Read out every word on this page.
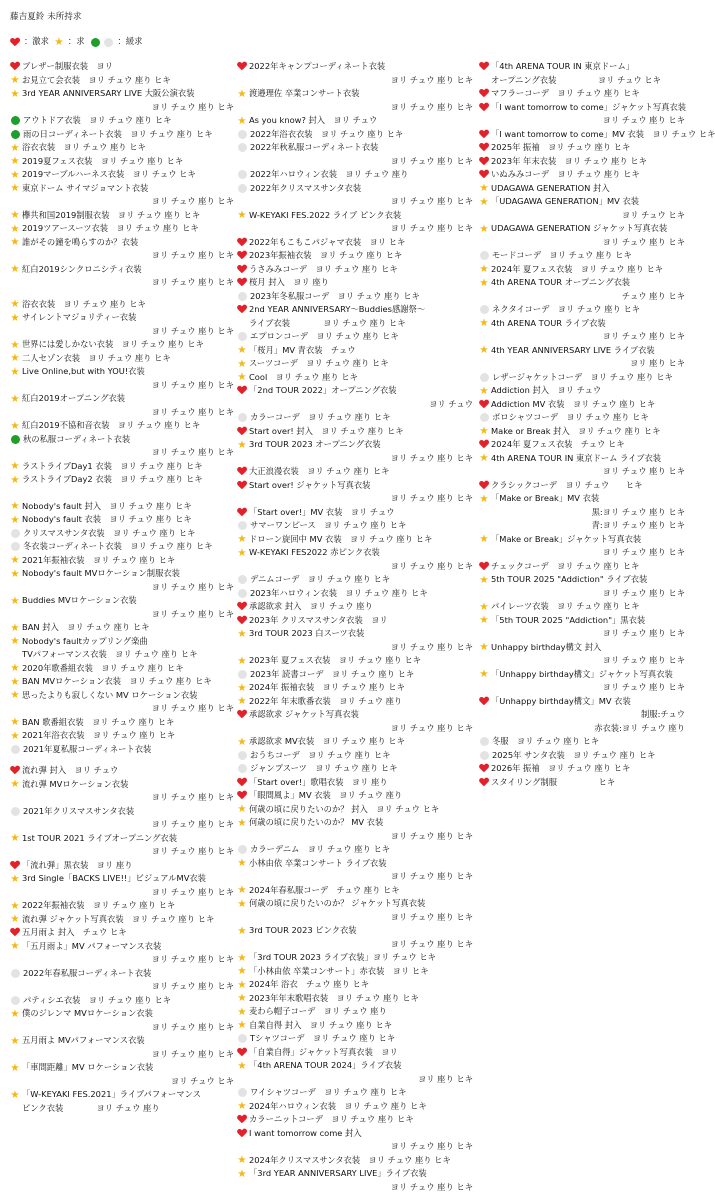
藤吉夏鈴 未所持求
：激求 ★ ：求	：緩求
ブレザー制服衣装　ヨリ
★ お見立て会衣装　ヨリ チュウ 座り ヒキ
★ 3rd YEAR ANNIVERSARY LIVE 大阪公演衣装
ヨリ チュウ 座り ヒキ
アウトドア衣装　ヨリ チュウ 座り ヒキ
雨の日コーディネート衣装　ヨリ チュウ 座り ヒキ
★ 浴衣衣装　ヨリ チュウ 座り ヒキ
★ 2019夏フェス衣装　ヨリ チュウ 座り ヒキ
★ 2019マーブルハーネス衣装　ヨリ チュウ ヒキ
★ 東京ドーム サイマジョマント衣装
ヨリ チュウ 座り ヒキ
★ 欅共和国2019制服衣装　ヨリ チュウ 座り ヒキ
★ 2019ツアースーツ衣装　ヨリ チュウ 座り ヒキ
★ 誰がその鐘を鳴らすのか？衣装
ヨリ チュウ 座り ヒキ
★ 紅白2019シンクロニシティ衣装
ヨリ チュウ 座り ヒキ
★ 浴衣衣装　ヨリ チュウ 座り ヒキ
★ サイレントマジョリティー衣装
ヨリ チュウ 座り ヒキ
★ 世界には愛しかない衣装　ヨリ チュウ 座り ヒキ
★ 二人セゾン衣装　ヨリ チュウ 座り ヒキ
★ Live Online,but with YOU!衣装
ヨリ チュウ 座り ヒキ
★ 紅白2019オープニング衣装
ヨリ チュウ 座り ヒキ
★ 紅白2019不協和音衣装　ヨリ チュウ 座り ヒキ
秋の私服コーディネート衣装
ヨリ チュウ 座り ヒキ
★ ラストライブDay1 衣装　ヨリ チュウ 座り ヒキ
★ ラストライブDay2 衣装　ヨリ チュウ 座り ヒキ
★ Nobody's fault 封入　ヨリ チュウ 座り ヒキ
★ Nobody's fault 衣装　ヨリ チュウ 座り ヒキ
クリスマスサンタ衣装　ヨリ チュウ 座り ヒキ
冬衣装コーディネート衣装　ヨリ チュウ 座り ヒキ
★ 2021年振袖衣装　ヨリ チュウ 座り ヒキ
★ Nobody's fault MVロケーション制服衣装
ヨリ チュウ 座り ヒキ
★ Buddies MVロケーション衣装
ヨリ チュウ 座り ヒキ
★ BAN 封入　ヨリ チュウ 座り ヒキ
★ Nobody's faultカップリング楽曲
TVパフォーマンス衣装　ヨリ チュウ 座り ヒキ
★ 2020年歌番組衣装　ヨリ チュウ 座り ヒキ
★ BAN MVロケーション衣装　ヨリ チュウ 座り ヒキ
★ 思ったよりも寂しくない MV ロケーション衣装
ヨリ チュウ 座り ヒキ
★ BAN 歌番組衣装　ヨリ チュウ 座り ヒキ
★ 2021年浴衣衣装　ヨリ チュウ 座り ヒキ
2021年夏私服コーディネート衣装
流れ弾 封入　ヨリ チュウ
★ 流れ弾 MVロケーション衣装
ヨリ チュウ 座り ヒキ
2021年クリスマスサンタ衣装
ヨリ チュウ 座り ヒキ
★ 1st TOUR 2021 ライブオープニング衣装
ヨリ チュウ 座り ヒキ
「流れ弾」黒衣装　ヨリ 座り
★ 3rd Single「BACKS LIVE!!」ビジュアルMV衣装
ヨリ チュウ 座り ヒキ
★ 2022年振袖衣装　ヨリ チュウ 座り ヒキ
★ 流れ弾 ジャケット写真衣装　ヨリ チュウ 座り ヒキ
五月雨よ 封入　チュウ ヒキ
★ 「五月雨よ」MV パフォーマンス衣装
ヨリ チュウ 座り ヒキ
2022年春私服コーディネート衣装
ヨリ チュウ 座り ヒキ
パティシエ衣装　ヨリ チュウ 座り ヒキ
★ 僕のジレンマ MVロケーション衣装
ヨリ チュウ 座り ヒキ
★ 五月雨よ MVパフォーマンス衣装
ヨリ チュウ 座り ヒキ
★ 「車間距離」MV ロケーション衣装
ヨリ チュウ ヒキ
★ 「W-KEYAKI FES.2021」ライブパフォーマンス
ピンク衣装　　　　ヨリ チュウ 座り
2022年キャンプコーディネート衣装
ヨリ チュウ 座り ヒキ
★ 渡邉理佐 卒業コンサート衣装
ヨリ チュウ 座り ヒキ
★ As you know? 封入　ヨリ チュウ
2022年浴衣衣装　ヨリ チュウ 座り ヒキ
2022年秋私服コーディネート衣装
ヨリ チュウ 座り ヒキ
2022年ハロウィン衣装　ヨリ チュウ 座り
2022年クリスマスサンタ衣装
ヨリ チュウ 座り ヒキ
★ W-KEYAKI FES.2022 ライブ ピンク衣装
ヨリ チュウ 座り ヒキ
2022年もこもこパジャマ衣装　ヨリ ヒキ
2023年振袖衣装　ヨリ チュウ 座り ヒキ
うさみみコーデ　ヨリ チュウ 座り ヒキ
桜月 封入　ヨリ 座り
2023年冬私服コーデ　ヨリ チュウ 座り ヒキ
2nd YEAR ANNIVERSARY～Buddies感謝祭～
ライブ衣装　　　　ヨリ チュウ 座り ヒキ
エプロンコーデ　ヨリ チュウ 座り ヒキ
★ 「桜月」MV 青衣装　チュウ
★ スーツコーデ　ヨリ チュウ 座り ヒキ
★ Cool　ヨリ チュウ 座り ヒキ
「2nd TOUR 2022」オープニング衣装
ヨリ チュウ
カラーコーデ　ヨリ チュウ 座り ヒキ
Start over! 封入　ヨリ チュウ 座り ヒキ
★ 3rd TOUR 2023 オープニング衣装
ヨリ チュウ 座り ヒキ
大正浪漫衣装　ヨリ チュウ 座り ヒキ
Start over! ジャケット写真衣装
ヨリ チュウ 座り ヒキ
「Start over!」MV 衣装　ヨリ チュウ
サマーワンピース　ヨリ チュウ 座り ヒキ
★ ドローン旋回中 MV 衣装　ヨリ チュウ 座り ヒキ
★ W-KEYAKI FES2022 赤ピンク衣装
ヨリ チュウ 座り ヒキ
デニムコーデ　ヨリ チュウ 座り ヒキ
2023年ハロウィン衣装　ヨリ チュウ 座り ヒキ
承認欲求 封入　ヨリ チュウ 座り
2023年 クリスマスサンタ衣装　ヨリ
★ 3rd TOUR 2023 白スーツ衣装
ヨリ チュウ 座り ヒキ
★ 2023年 夏フェス衣装　ヨリ チュウ 座り ヒキ
2023年 読書コーデ　ヨリ チュウ 座り ヒキ
★ 2024年 振袖衣装　ヨリ チュウ 座り ヒキ
★ 2022年 年末歌番衣装　ヨリ チュウ 座り
承認欲求 ジャケット写真衣装
ヨリ チュウ 座り ヒキ
★ 承認欲求 MV衣装　ヨリ チュウ 座り ヒキ
おうちコーデ　ヨリ チュウ 座り ヒキ
ジャンプスーツ　ヨリ チュウ 座り ヒキ
「Start over!」歌唱衣装　ヨリ 座り
「眼間風よ」MV 衣装　ヨリ チュウ 座り
★ 何歳の頃に戻りたいのか？ 封入　ヨリ チュウ ヒキ
★ 何歳の頃に戻りたいのか？ MV 衣装
ヨリ チュウ 座り ヒキ
カラーデニム　ヨリ チュウ 座り ヒキ
★ 小林由依 卒業コンサート ライブ衣装
ヨリ チュウ 座り ヒキ
★ 2024年春私服コーデ　チュウ 座り ヒキ
★ 何歳の頃に戻りたいのか？ ジャケット写真衣装
ヨリ チュウ 座り ヒキ
★ 3rd TOUR 2023 ピンク衣装
ヨリ チュウ 座り ヒキ
★ 「3rd TOUR 2023 ライブ衣装」ヨリ チュウ ヒキ
★ 「小林由依 卒業コンサート」赤衣装　ヨリ ヒキ
★ 2024年 浴衣　チュウ 座り ヒキ
★ 2023年年末歌唱衣装　ヨリ チュウ 座り ヒキ
★ 麦わら帽子コーデ　ヨリ チュウ 座り
★ 自業自得 封入　ヨリ チュウ 座り ヒキ
Tシャツコーデ　ヨリ チュウ 座り ヒキ
「自業自得」ジャケット写真衣装　ヨリ
★ 「4th ARENA TOUR 2024」ライブ衣装
ヨリ 座り ヒキ
ワイシャツコーデ　ヨリ チュウ 座り ヒキ
★ 2024年ハロウィン衣装　ヨリ チュウ 座り ヒキ
カラーニットコーデ　ヨリ チュウ 座り ヒキ
I want tomorrow come 封入
ヨリ チュウ 座り ヒキ
★ 2024年クリスマスサンタ衣装　ヨリ チュウ 座り ヒキ
★ 「3rd YEAR ANNIVERSARY LIVE」ライブ衣装
ヨリ チュウ 座り ヒキ
「4th ARENA TOUR IN 東京ドーム」
オープニング衣装　　　　　ヨリ チュウ ヒキ
マフラーコーデ　ヨリ チュウ 座り ヒキ
「I want tomorrow to come」ジャケット写真衣装
ヨリ チュウ 座り ヒキ
「I want tomorrow to come」MV 衣装　ヨリ チュウ ヒキ
2025年 振袖　ヨリ チュウ 座り ヒキ
2023年 年末衣装　ヨリ チュウ 座り ヒキ
いぬみみコーデ　ヨリ チュウ 座り ヒキ
★ UDAGAWA GENERATION 封入
★ 「UDAGAWA GENERATION」MV 衣装
ヨリ チュウ ヒキ
★ UDAGAWA GENERATION ジャケット写真衣装
ヨリ チュウ 座り ヒキ
モードコーデ　ヨリ チュウ 座り ヒキ
★ 2024年 夏フェス衣装　ヨリ チュウ 座り ヒキ
★ 4th ARENA TOUR オープニング衣装
チュウ 座り ヒキ
ネクタイコーデ　ヨリ チュウ 座り ヒキ
★ 4th ARENA TOUR ライブ衣装
ヨリ チュウ 座り ヒキ
★ 4th YEAR ANNIVERSARY LIVE ライブ衣装
ヨリ 座り ヒキ
レザージャケットコーデ　ヨリ チュウ 座り ヒキ
★ Addiction 封入　ヨリ チュウ
Addiction MV 衣装　ヨリ チュウ 座り ヒキ
ボロシャツコーデ　ヨリ チュウ 座り ヒキ
★ Make or Break 封入　ヨリ チュウ 座り ヒキ
2024年 夏フェス衣装　チュウ ヒキ
★ 4th ARENA TOUR IN 東京ドーム ライブ衣装
ヨリ チュウ 座り ヒキ
クラシックコーデ　ヨリ チュウ　　ヒキ
★ 「Make or Break」MV 衣装
黒:ヨリ チュウ 座り ヒキ
青:ヨリ チュウ 座り ヒキ
★ 「Make or Break」ジャケット写真衣装
ヨリ チュウ 座り ヒキ
チェックコーデ　ヨリ チュウ 座り ヒキ
★ 5th TOUR 2025 "Addiction" ライブ衣装
ヨリ チュウ 座り ヒキ
★ パイレーツ衣装　ヨリ チュウ 座り ヒキ
★ 「5th TOUR 2025 "Addiction"」黒衣装
ヨリ チュウ 座り ヒキ
★ Unhappy birthday構文 封入
ヨリ チュウ 座り ヒキ
★ 「Unhappy birthday構文」ジャケット写真衣装
ヨリ チュウ 座り ヒキ
「Unhappy birthday構文」MV 衣装
制服:チュウ
赤衣装:ヨリ チュウ 座り
冬服　ヨリ チュウ 座り ヒキ
2025年 サンタ衣装　ヨリ チュウ 座り ヒキ
2026年 振袖　ヨリ チュウ 座り ヒキ
スタイリング制服　　　　　ヒキ
